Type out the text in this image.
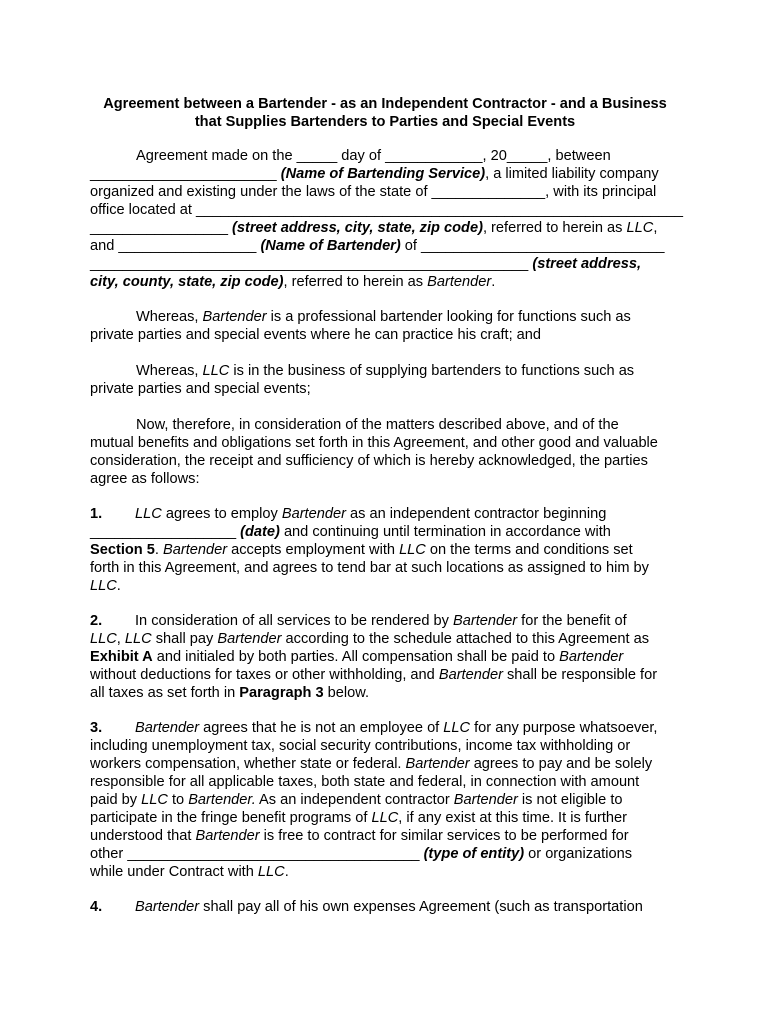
Agreement between a Bartender - as an Independent Contractor - and a Business
that Supplies Bartenders to Parties and Special Events
Agreement made on the _____ day of ____________, 20_____, between
_______________________ (Name of Bartending Service), a limited liability company
organized and existing under the laws of the state of ______________, with its principal
office located at ____________________________________________________________
_________________ (street address, city, state, zip code), referred to herein as LLC,
and _________________ (Name of Bartender) of ______________________________
______________________________________________________ (street address,
city, county, state, zip code), referred to herein as Bartender.
Whereas, Bartender is a professional bartender looking for functions such as
private parties and special events where he can practice his craft; and
Whereas, LLC is in the business of supplying bartenders to functions such as
private parties and special events;
Now, therefore, in consideration of the matters described above, and of the
mutual benefits and obligations set forth in this Agreement, and other good and valuable
consideration, the receipt and sufficiency of which is hereby acknowledged, the parties
agree as follows:
1. LLC agrees to employ Bartender as an independent contractor beginning
__________________ (date) and continuing until termination in accordance with
Section 5. Bartender accepts employment with LLC on the terms and conditions set
forth in this Agreement, and agrees to tend bar at such locations as assigned to him by
LLC.
2. In consideration of all services to be rendered by Bartender for the benefit of
LLC, LLC shall pay Bartender according to the schedule attached to this Agreement as
Exhibit A and initialed by both parties. All compensation shall be paid to Bartender
without deductions for taxes or other withholding, and Bartender shall be responsible for
all taxes as set forth in Paragraph 3 below.
3. Bartender agrees that he is not an employee of LLC for any purpose whatsoever,
including unemployment tax, social security contributions, income tax withholding or
workers compensation, whether state or federal. Bartender agrees to pay and be solely
responsible for all applicable taxes, both state and federal, in connection with amount
paid by LLC to Bartender. As an independent contractor Bartender is not eligible to
participate in the fringe benefit programs of LLC, if any exist at this time. It is further
understood that Bartender is free to contract for similar services to be performed for
other ____________________________________ (type of entity) or organizations
while under Contract with LLC.
4. Bartender shall pay all of his own expenses Agreement (such as transportation
